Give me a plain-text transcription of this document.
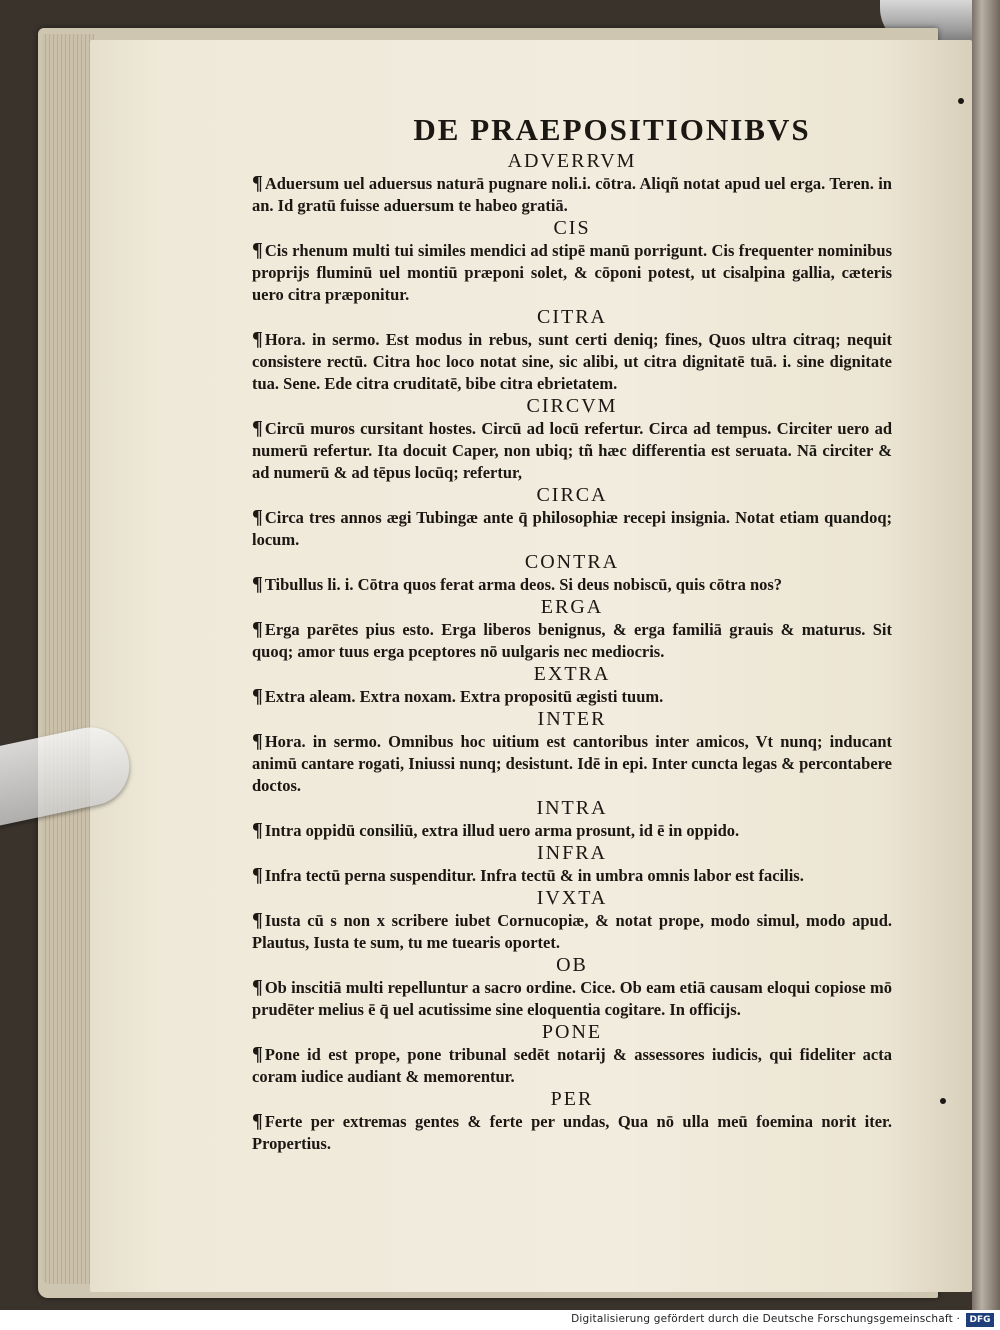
DE PRAEPOSITIONIBVS
ADVERRVM
¶ Aduersum uel aduersus naturā pugnare noli.i. cōtra. Aliqñ notat apud uel erga. Teren. in an. Id gratū fuisse aduersum te habeo gratiā.
CIS
¶ Cis rhenum multi tui similes mendici ad stipē manū porrigunt. Cis frequenter nominibus proprijs fluminū uel montiū præponi solet, & cōponi potest, ut cisalpina gallia, cæteris uero citra præponitur.
CITRA
¶ Hora. in sermo. Est modus in rebus, sunt certi deniq; fines, Quos ultra citraq; nequit consistere rectū. Citra hoc loco notat sine, sic alibi, ut citra dignitatē tuā. i. sine dignitate tua. Sene. Ede citra cruditatē, bibe citra ebrietatem.
CIRCVM
¶ Circū muros cursitant hostes. Circū ad locū refertur. Circa ad tempus. Circiter uero ad numerū refertur. Ita docuit Caper, non ubiq; tñ hæc differentia est seruata. Nā circiter & ad numerū & ad tēpus locūq; refertur,
CIRCA
¶ Circa tres annos ægi Tubingæ ante q̄ philosophiæ recepi insignia. Notat etiam quandoq; locum.
CONTRA
¶ Tibullus li. i. Cōtra quos ferat arma deos. Si deus nobiscū, quis cōtra nos?
ERGA
¶ Erga parētes pius esto. Erga liberos benignus, & erga familiā grauis & maturus. Sit quoq; amor tuus erga pceptores nō uulgaris nec mediocris.
EXTRA
¶ Extra aleam. Extra noxam. Extra propositū ægisti tuum.
INTER
¶ Hora. in sermo. Omnibus hoc uitium est cantoribus inter amicos, Vt nunq; inducant animū cantare rogati, Iniussi nunq; desistunt. Idē in epi. Inter cuncta legas & percontabere doctos.
INTRA
¶ Intra oppidū consiliū, extra illud uero arma prosunt, id ē in oppido.
INFRA
¶ Infra tectū perna suspenditur. Infra tectū & in umbra omnis labor est facilis.
IVXTA
¶ Iusta cū s non x scribere iubet Cornucopiæ, & notat prope, modo simul, modo apud. Plautus, Iusta te sum, tu me tuearis oportet.
OB
¶ Ob inscitiā multi repelluntur a sacro ordine. Cice. Ob eam etiā causam eloqui copiose mō prudēter melius ē q̄ uel acutissime sine eloquentia cogitare. In officijs.
PONE
¶ Pone id est prope, pone tribunal sedēt notarij & assessores iudicis, qui fideliter acta coram iudice audiant & memorentur.
PER
¶ Ferte per extremas gentes & ferte per undas, Qua nō ulla meū foemina norit iter. Propertius.
Digitalisierung gefördert durch die Deutsche Forschungsgemeinschaft ·	DFG
